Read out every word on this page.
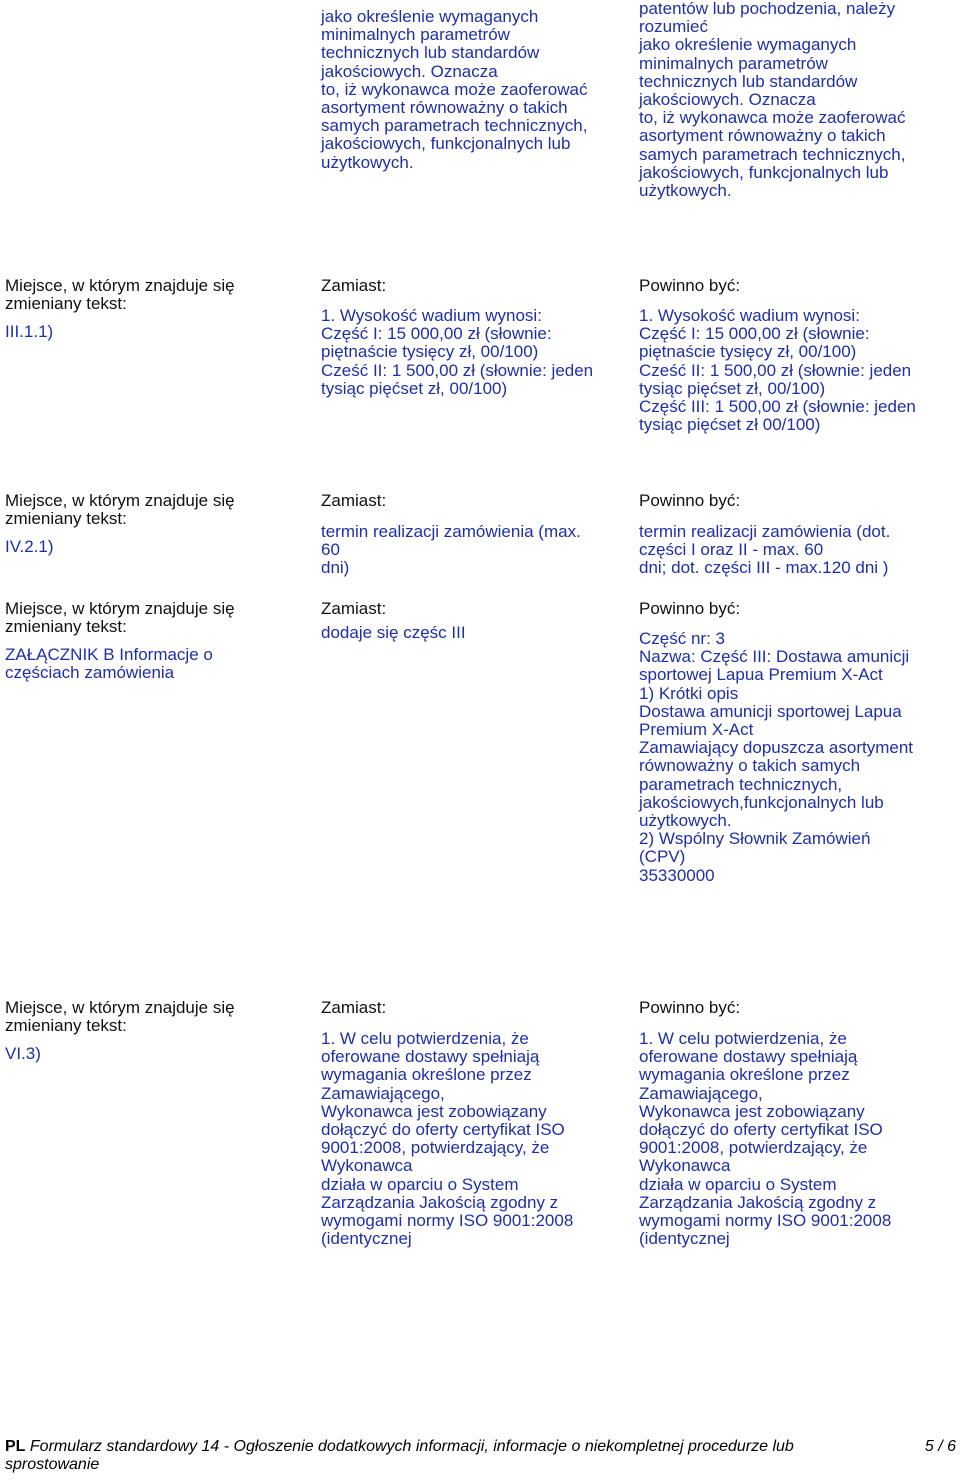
jako określenie wymaganych
minimalnych parametrów
technicznych lub standardów
jakościowych. Oznacza
to, iż wykonawca może zaoferować
asortyment równoważny o takich
samych parametrach technicznych,
jakościowych, funkcjonalnych lub
użytkowych.
patentów lub pochodzenia, należy
rozumieć
jako określenie wymaganych
minimalnych parametrów
technicznych lub standardów
jakościowych. Oznacza
to, iż wykonawca może zaoferować
asortyment równoważny o takich
samych parametrach technicznych,
jakościowych, funkcjonalnych lub
użytkowych.
Miejsce, w którym znajduje się
zmieniany tekst:
III.1.1)
Zamiast:
1. Wysokość wadium wynosi:
Część I: 15 000,00 zł (słownie:
piętnaście tysięcy zł, 00/100)
Cześć II: 1 500,00 zł (słownie: jeden
tysiąc pięćset zł, 00/100)
Powinno być:
1. Wysokość wadium wynosi:
Część I: 15 000,00 zł (słownie:
piętnaście tysięcy zł, 00/100)
Cześć II: 1 500,00 zł (słownie: jeden
tysiąc pięćset zł, 00/100)
Część III: 1 500,00 zł (słownie: jeden
tysiąc pięćset zł 00/100)
Miejsce, w którym znajduje się
zmieniany tekst:
IV.2.1)
Zamiast:
termin realizacji zamówienia (max.
60
dni)
Powinno być:
termin realizacji zamówienia (dot.
części I oraz II - max. 60
dni; dot. części III - max.120 dni )
Miejsce, w którym znajduje się
zmieniany tekst:
ZAŁĄCZNIK B Informacje o
częściach zamówienia
Zamiast:
dodaje się częśc III
Powinno być:
Część nr: 3
Nazwa: Część III: Dostawa amunicji
sportowej Lapua Premium X-Act
1) Krótki opis
Dostawa amunicji sportowej Lapua
Premium X-Act
Zamawiający dopuszcza asortyment
równoważny o takich samych
parametrach technicznych,
jakościowych,funkcjonalnych lub
użytkowych.
2) Wspólny Słownik Zamówień
(CPV)
35330000
Miejsce, w którym znajduje się
zmieniany tekst:
VI.3)
Zamiast:
1. W celu potwierdzenia, że
oferowane dostawy spełniają
wymagania określone przez
Zamawiającego,
Wykonawca jest zobowiązany
dołączyć do oferty certyfikat ISO
9001:2008, potwierdzający, że
Wykonawca
działa w oparciu o System
Zarządzania Jakością zgodny z
wymogami normy ISO 9001:2008
(identycznej
Powinno być:
1. W celu potwierdzenia, że
oferowane dostawy spełniają
wymagania określone przez
Zamawiającego,
Wykonawca jest zobowiązany
dołączyć do oferty certyfikat ISO
9001:2008, potwierdzający, że
Wykonawca
działa w oparciu o System
Zarządzania Jakością zgodny z
wymogami normy ISO 9001:2008
(identycznej
PL Formularz standardowy 14 - Ogłoszenie dodatkowych informacji, informacje o niekompletnej procedurze lub
sprostowanie
5 / 6
